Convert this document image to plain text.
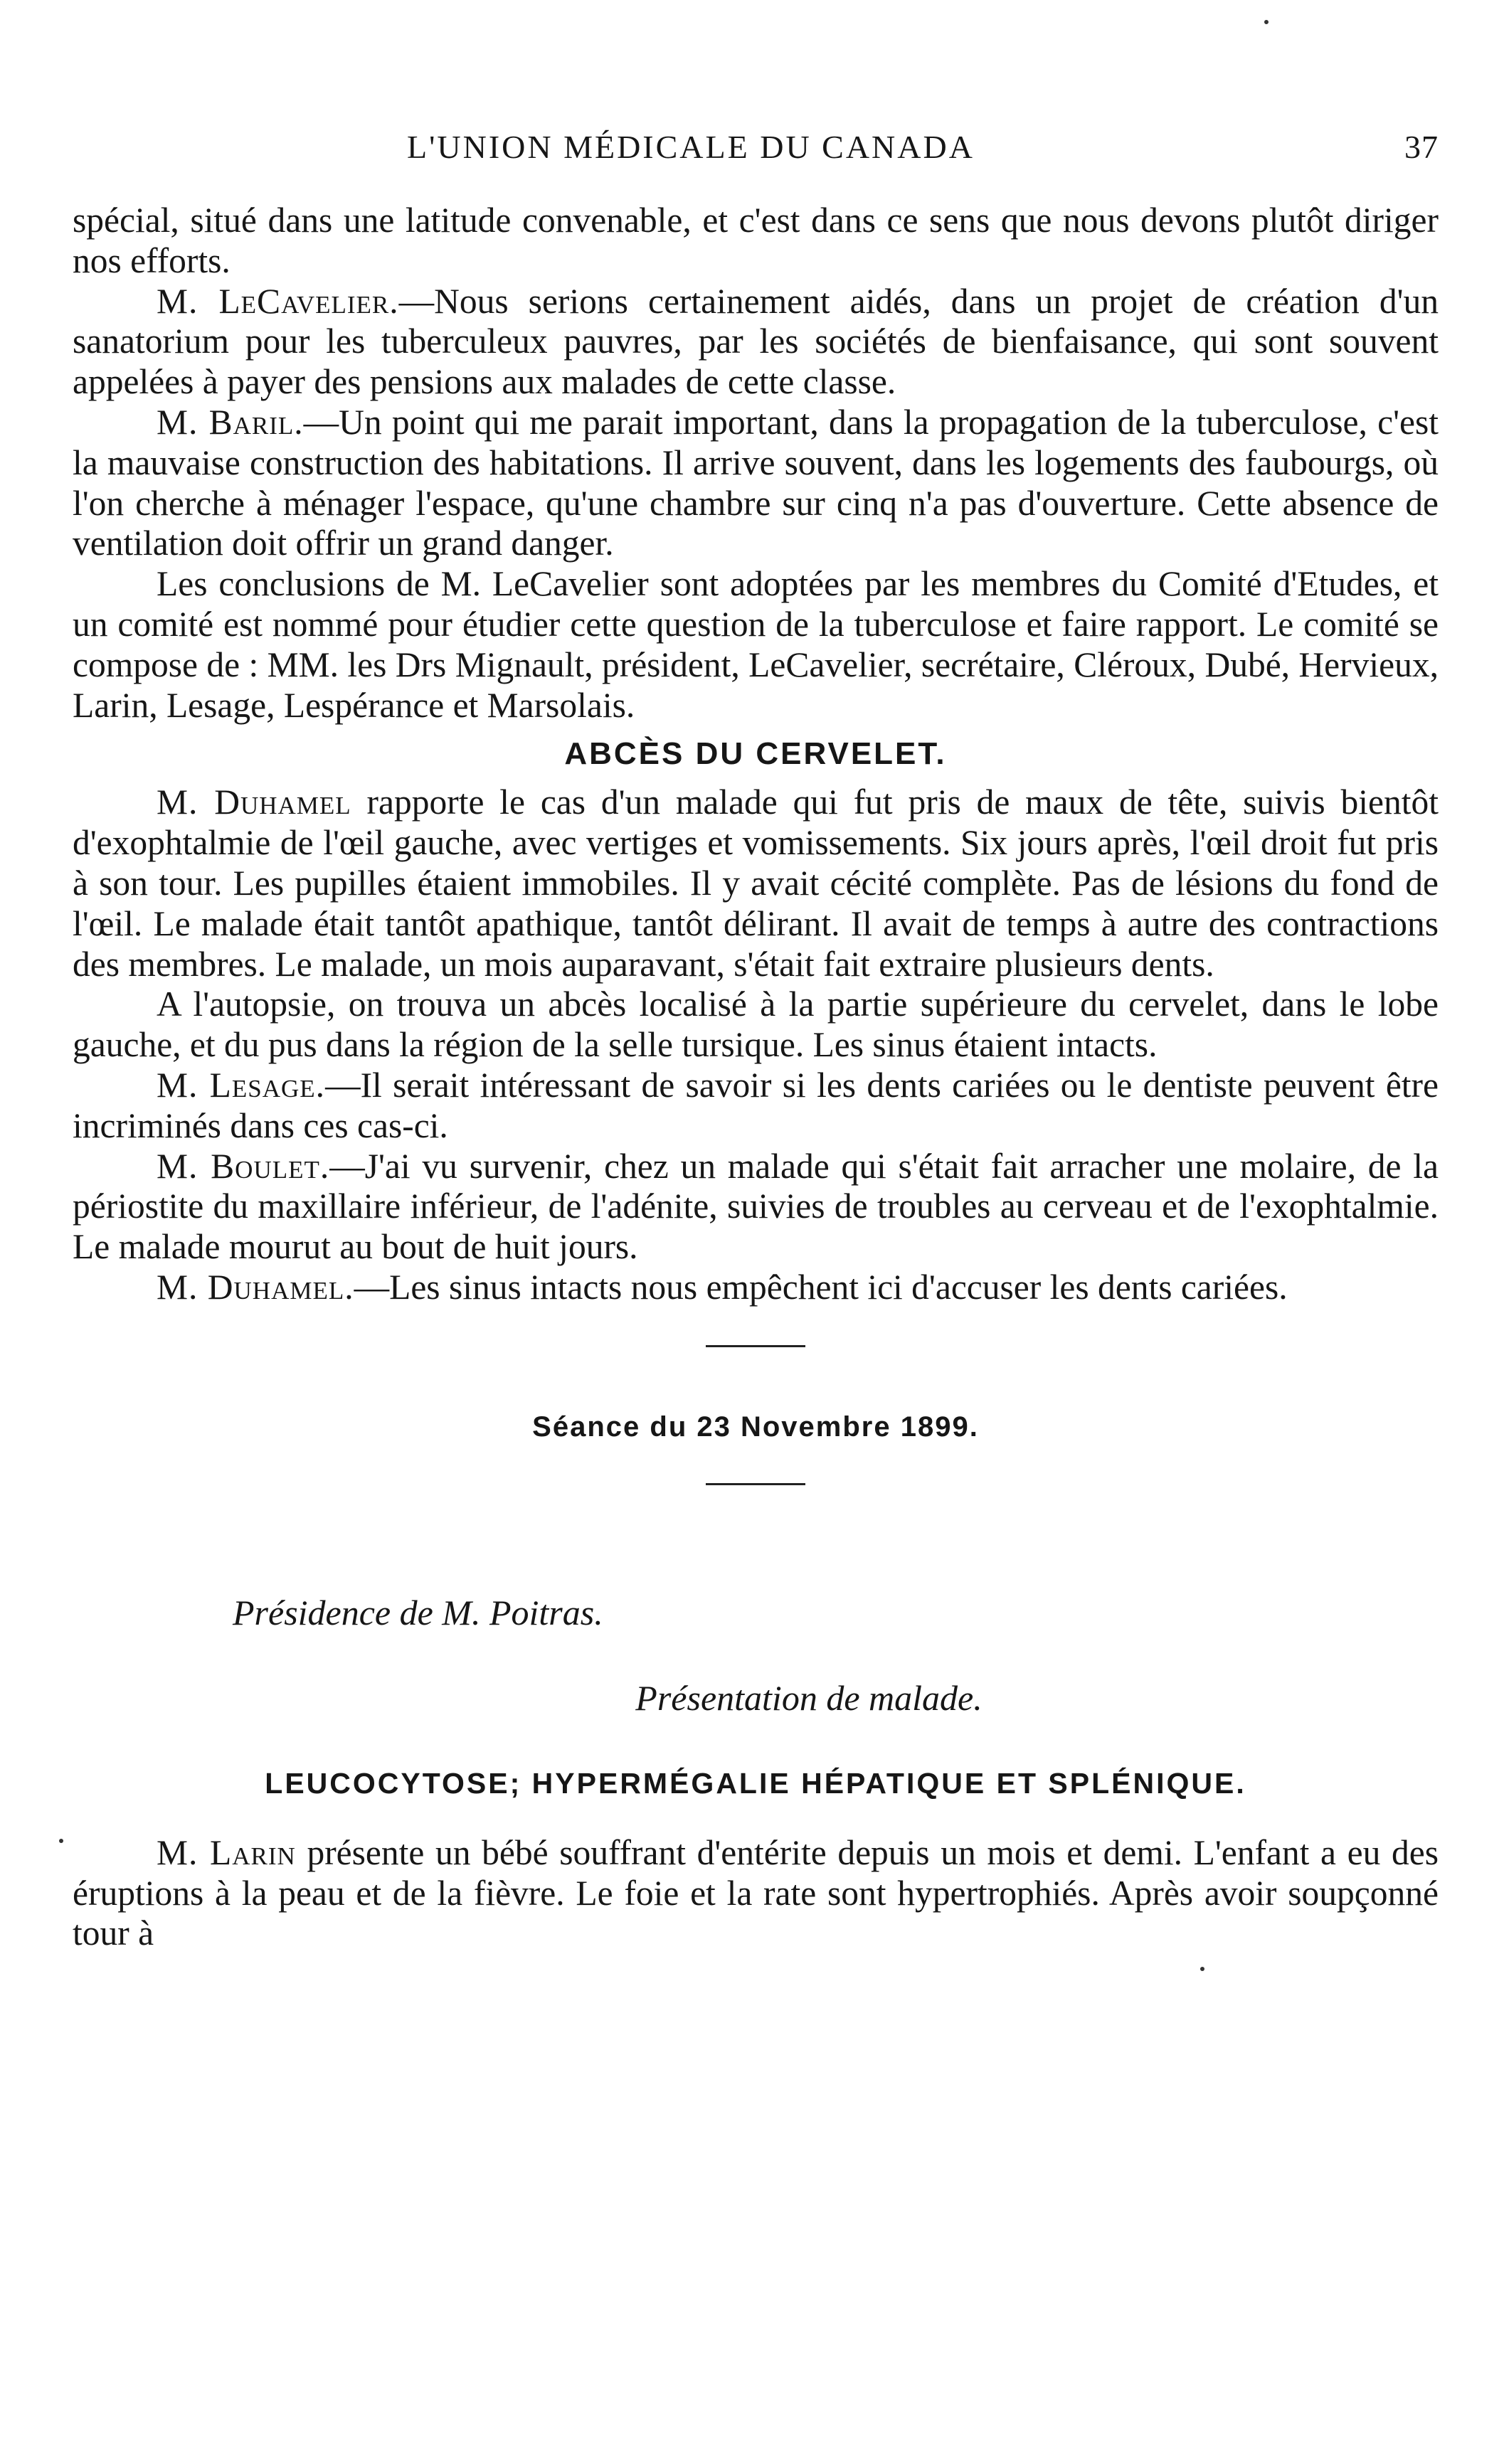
L'UNION MÉDICALE DU CANADA	37

spécial, situé dans une latitude convenable, et c'est dans ce sens que nous devons plutôt diriger nos efforts.

M. LeCavelier.—Nous serions certainement aidés, dans un projet de création d'un sanatorium pour les tuberculeux pauvres, par les sociétés de bienfaisance, qui sont souvent appelées à payer des pensions aux malades de cette classe.

M. Baril.—Un point qui me parait important, dans la propagation de la tuberculose, c'est la mauvaise construction des habitations. Il arrive souvent, dans les logements des faubourgs, où l'on cherche à ménager l'espace, qu'une chambre sur cinq n'a pas d'ouverture. Cette absence de ventilation doit offrir un grand danger.

Les conclusions de M. LeCavelier sont adoptées par les membres du Comité d'Etudes, et un comité est nommé pour étudier cette question de la tuberculose et faire rapport. Le comité se compose de : MM. les Drs Mignault, président, LeCavelier, secrétaire, Cléroux, Dubé, Hervieux, Larin, Lesage, Lespérance et Marsolais.

ABCÈS DU CERVELET.

M. Duhamel rapporte le cas d'un malade qui fut pris de maux de tête, suivis bientôt d'exophtalmie de l'œil gauche, avec vertiges et vomissements. Six jours après, l'œil droit fut pris à son tour. Les pupilles étaient immobiles. Il y avait cécité complète. Pas de lésions du fond de l'œil. Le malade était tantôt apathique, tantôt délirant. Il avait de temps à autre des contractions des membres. Le malade, un mois auparavant, s'était fait extraire plusieurs dents.

A l'autopsie, on trouva un abcès localisé à la partie supérieure du cervelet, dans le lobe gauche, et du pus dans la région de la selle tursique. Les sinus étaient intacts.

M. Lesage.—Il serait intéressant de savoir si les dents cariées ou le dentiste peuvent être incriminés dans ces cas-ci.

M. Boulet.—J'ai vu survenir, chez un malade qui s'était fait arracher une molaire, de la périostite du maxillaire inférieur, de l'adénite, suivies de troubles au cerveau et de l'exophtalmie. Le malade mourut au bout de huit jours.

M. Duhamel.—Les sinus intacts nous empêchent ici d'accuser les dents cariées.

Séance du 23 Novembre 1899.
Présidence de M. Poitras.
Présentation de malade.
LEUCOCYTOSE; HYPERMÉGALIE HÉPATIQUE ET SPLÉNIQUE.

M. Larin présente un bébé souffrant d'entérite depuis un mois et demi. L'enfant a eu des éruptions à la peau et de la fièvre. Le foie et la rate sont hypertrophiés. Après avoir soupçonné tour à
